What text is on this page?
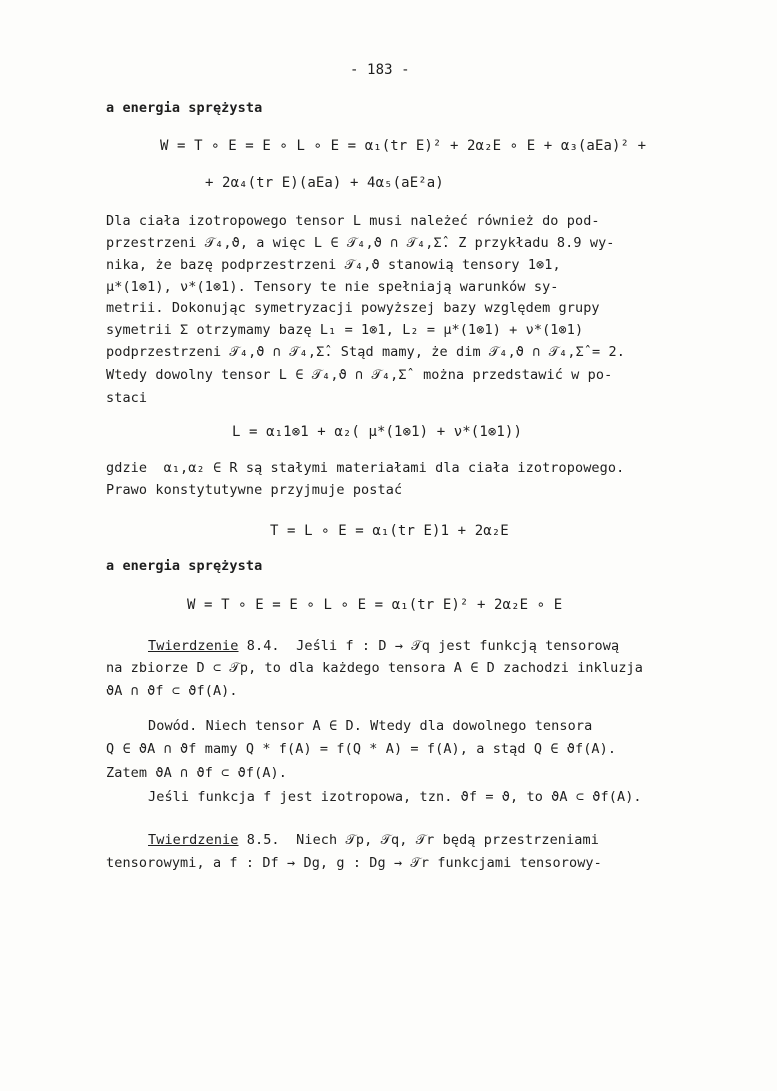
- 183 -
a energia sprężysta
W = T ∘ E = E ∘ L ∘ E = α₁(tr E)² + 2α₂E ∘ E + α₃(aEa)² +
+ 2α₄(tr E)(aEa) + 4α₅(aE²a)
Dla ciała izotropowego tensor L musi należeć również do pod-
przestrzeni 𝒯₄,ϑ, a więc L ∈ 𝒯₄,ϑ ∩ 𝒯₄,Σ̂. Z przykładu 8.9 wy-
nika, że bazę podprzestrzeni 𝒯₄,ϑ stanowią tensory 1⊗1,
μ*(1⊗1), ν*(1⊗1). Tensory te nie spełniają warunków sy-
metrii. Dokonując symetryzacji powyższej bazy względem grupy
symetrii Σ otrzymamy bazę L₁ = 1⊗1, L₂ = μ*(1⊗1) + ν*(1⊗1)
podprzestrzeni 𝒯₄,ϑ ∩ 𝒯₄,Σ̂. Stąd mamy, że dim 𝒯₄,ϑ ∩ 𝒯₄,Σ̂ = 2.
Wtedy dowolny tensor L ∈ 𝒯₄,ϑ ∩ 𝒯₄,Σ̂  można przedstawić w po-
staci
L = α₁1⊗1 + α₂( μ*(1⊗1) + ν*(1⊗1))
gdzie  α₁,α₂ ∈ R są stałymi materiałami dla ciała izotropowego.
Prawo konstytutywne przyjmuje postać
T = L ∘ E = α₁(tr E)1 + 2α₂E
a energia sprężysta
W = T ∘ E = E ∘ L ∘ E = α₁(tr E)² + 2α₂E ∘ E
Twierdzenie 8.4.  Jeśli f : D → 𝒯q jest funkcją tensorową
na zbiorze D ⊂ 𝒯p, to dla każdego tensora A ∈ D zachodzi inkluzja
ϑA ∩ ϑf ⊂ ϑf(A).
Dowód. Niech tensor A ∈ D. Wtedy dla dowolnego tensora
Q ∈ ϑA ∩ ϑf mamy Q * f(A) = f(Q * A) = f(A), a stąd Q ∈ ϑf(A).
Zatem ϑA ∩ ϑf ⊂ ϑf(A).
Jeśli funkcja f jest izotropowa, tzn. ϑf = ϑ, to ϑA ⊂ ϑf(A).
Twierdzenie 8.5.  Niech 𝒯p, 𝒯q, 𝒯r będą przestrzeniami
tensorowymi, a f : Df → Dg, g : Dg → 𝒯r funkcjami tensorowy-
